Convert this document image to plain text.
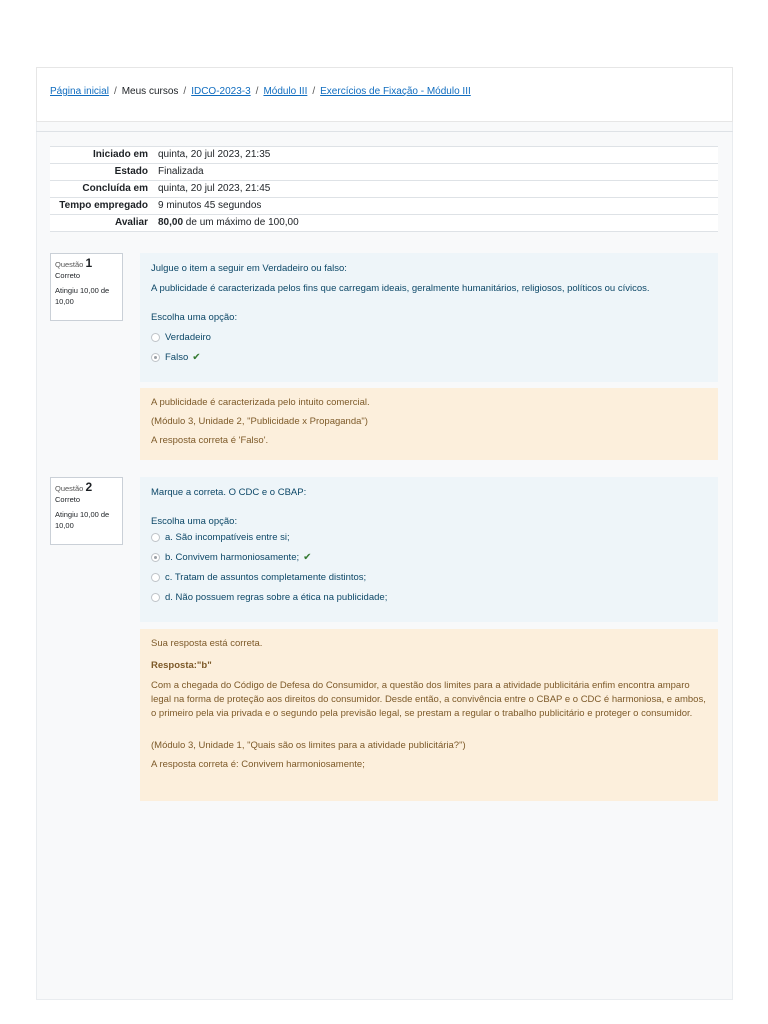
Página inicial / Meus cursos / IDCO-2023-3 / Módulo III / Exercícios de Fixação - Módulo III
Iniciado em	quinta, 20 jul 2023, 21:35
Estado	Finalizada
Concluída em	quinta, 20 jul 2023, 21:45
Tempo empregado	9 minutos 45 segundos
Avaliar	80,00 de um máximo de 100,00
Questão 1
Correto
Atingiu 10,00 de 10,00

Julgue o item a seguir em Verdadeiro ou falso:

A publicidade é caracterizada pelos fins que carregam ideais, geralmente humanitários, religiosos, políticos ou cívicos.

Escolha uma opção:

Verdadeiro
Falso ✔

A publicidade é caracterizada pelo intuito comercial.

(Módulo 3, Unidade 2, "Publicidade x Propaganda")

A resposta correta é 'Falso'.

Questão 2
Correto
Atingiu 10,00 de 10,00

Marque a correta. O CDC e o CBAP:

Escolha uma opção:

a. São incompatíveis entre si;
b. Convivem harmoniosamente; ✔
c. Tratam de assuntos completamente distintos;
d. Não possuem regras sobre a ética na publicidade;

Sua resposta está correta.

Resposta:"b"

Com a chegada do Código de Defesa do Consumidor, a questão dos limites para a atividade publicitária enfim encontra amparo legal na forma de proteção aos direitos do consumidor. Desde então, a convivência entre o CBAP e o CDC é harmoniosa, e ambos, o primeiro pela via privada e o segundo pela previsão legal, se prestam a regular o trabalho publicitário e proteger o consumidor.

(Módulo 3, Unidade 1, "Quais são os limites para a atividade publicitária?")

A resposta correta é: Convivem harmoniosamente;
